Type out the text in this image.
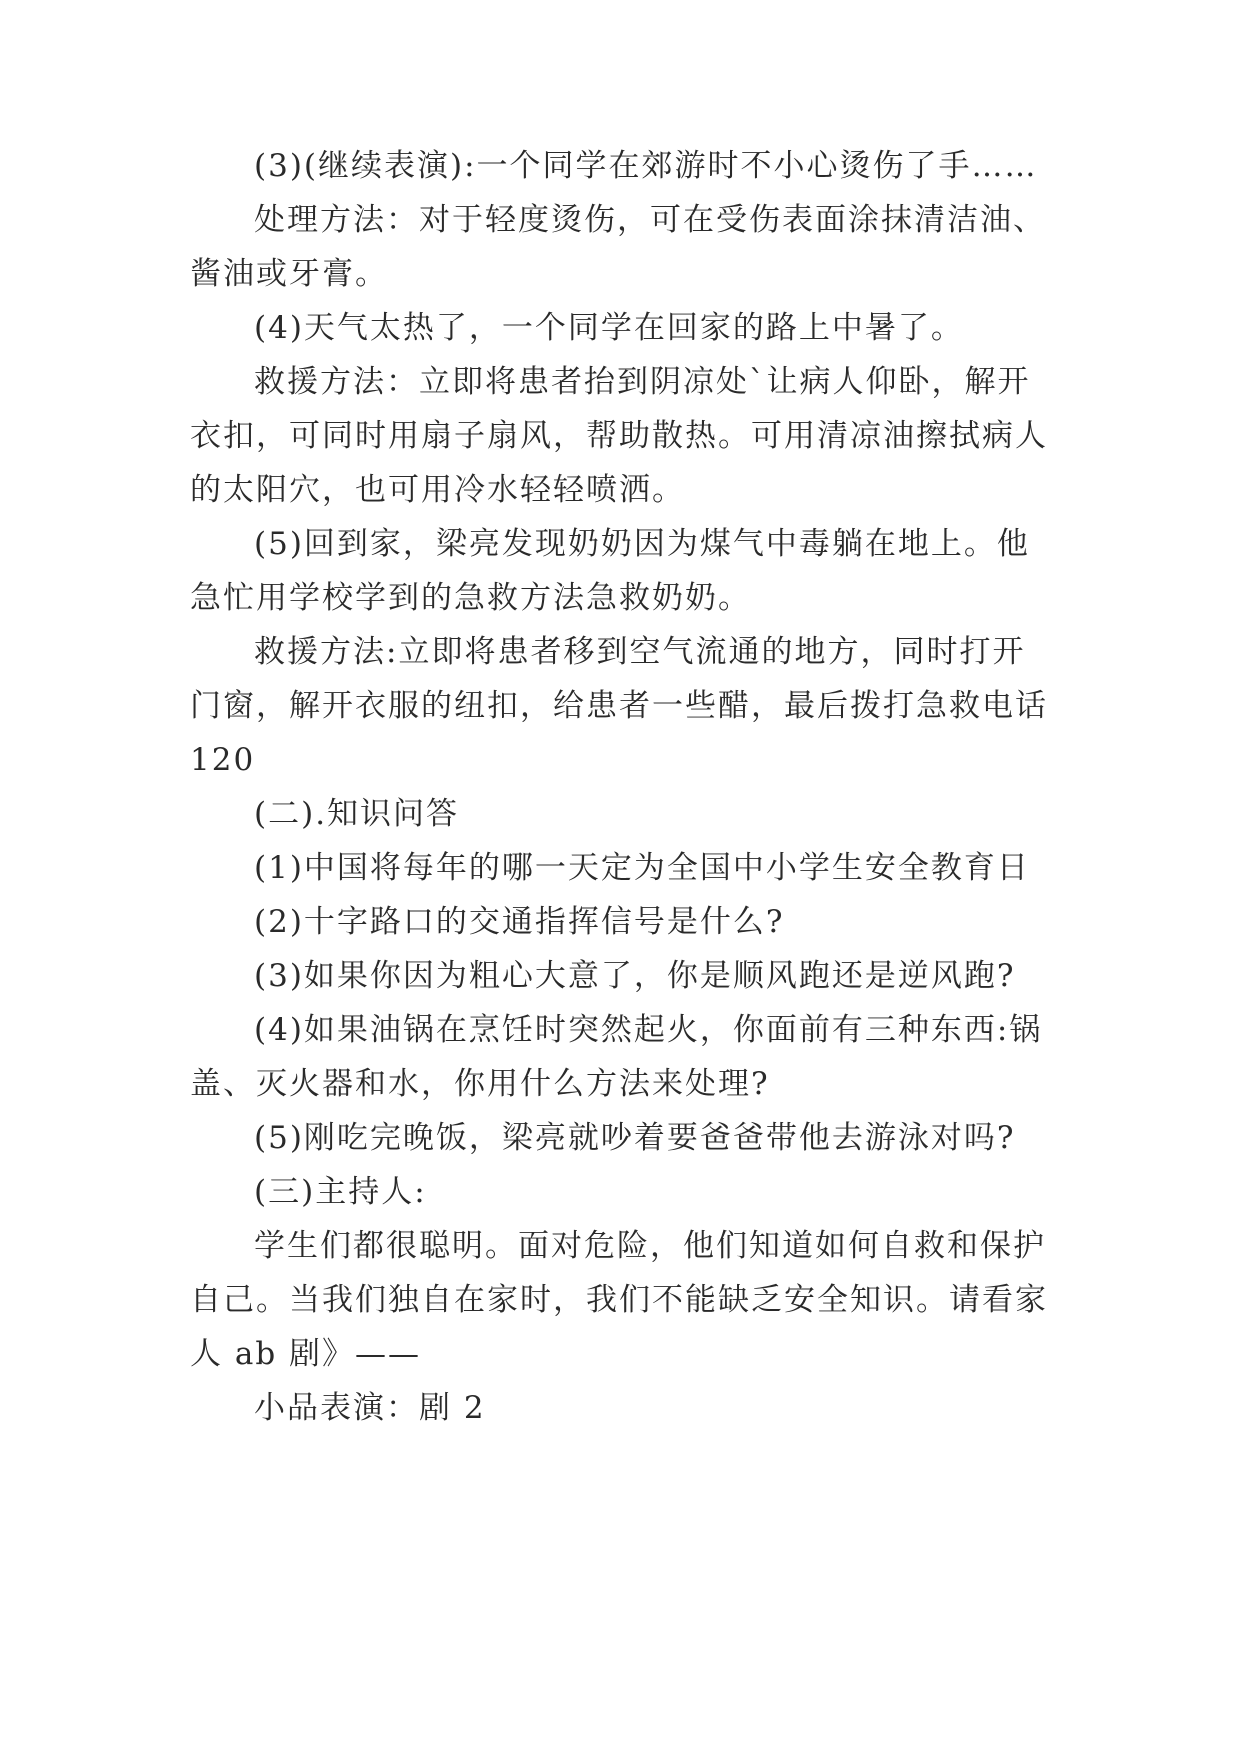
(3)(继续表演):一个同学在郊游时不小心烫伤了手……
处理方法：对于轻度烫伤，可在受伤表面涂抹清洁油、
酱油或牙膏。
(4)天气太热了，一个同学在回家的路上中暑了。
救援方法：立即将患者抬到阴凉处`让病人仰卧，解开
衣扣，可同时用扇子扇风，帮助散热。可用清凉油擦拭病人
的太阳穴，也可用冷水轻轻喷洒。
(5)回到家，梁亮发现奶奶因为煤气中毒躺在地上。他
急忙用学校学到的急救方法急救奶奶。
救援方法:立即将患者移到空气流通的地方，同时打开
门窗，解开衣服的纽扣，给患者一些醋，最后拨打急救电话
120
(二).知识问答
(1)中国将每年的哪一天定为全国中小学生安全教育日
(2)十字路口的交通指挥信号是什么?
(3)如果你因为粗心大意了，你是顺风跑还是逆风跑?
(4)如果油锅在烹饪时突然起火，你面前有三种东西:锅
盖、灭火器和水，你用什么方法来处理?
(5)刚吃完晚饭，梁亮就吵着要爸爸带他去游泳对吗?
(三)主持人:
学生们都很聪明。面对危险，他们知道如何自救和保护
自己。当我们独自在家时，我们不能缺乏安全知识。请看家
人 ab 剧》——
小品表演：剧 2
